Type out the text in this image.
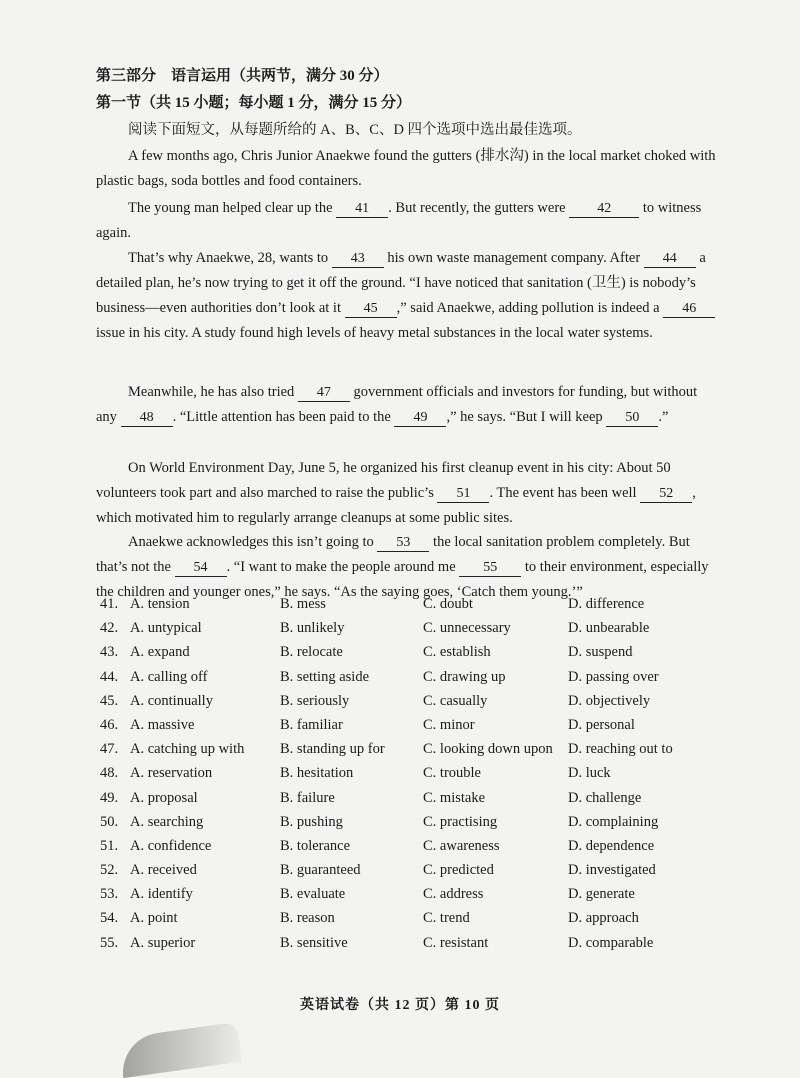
第三部分　语言运用（共两节，满分 30 分）
第一节（共 15 小题；每小题 1 分，满分 15 分）
阅读下面短文，从每题所给的 A、B、C、D 四个选项中选出最佳选项。
A few months ago, Chris Junior Anaekwe found the gutters (排水沟) in the local market choked with plastic bags, soda bottles and food containers.
The young man helped clear up the 41 . But recently, the gutters were 42 to witness again.
That’s why Anaekwe, 28, wants to 43 his own waste management company. After 44 a detailed plan, he’s now trying to get it off the ground. “I have noticed that sanitation (卫生) is nobody’s business—even authorities don’t look at it 45 ,” said Anaekwe, adding pollution is indeed a 46 issue in his city. A study found high levels of heavy metal substances in the local water systems.
Meanwhile, he has also tried 47 government officials and investors for funding, but without any 48 . “Little attention has been paid to the 49 ,” he says. “But I will keep 50 .”
On World Environment Day, June 5, he organized his first cleanup event in his city: About 50 volunteers took part and also marched to raise the public’s 51 . The event has been well 52 , which motivated him to regularly arrange cleanups at some public sites.
Anaekwe acknowledges this isn’t going to 53 the local sanitation problem completely. But that’s not the 54 . “I want to make the people around me 55 to their environment, especially the children and younger ones,” he says. “As the saying goes, ‘Catch them young.’”
41. A. tension	B. mess	C. doubt	D. difference
42. A. untypical	B. unlikely	C. unnecessary	D. unbearable
43. A. expand	B. relocate	C. establish	D. suspend
44. A. calling off	B. setting aside	C. drawing up	D. passing over
45. A. continually	B. seriously	C. casually	D. objectively
46. A. massive	B. familiar	C. minor	D. personal
47. A. catching up with B. standing up for	C. looking down upon D. reaching out to
48. A. reservation	B. hesitation	C. trouble	D. luck
49. A. proposal	B. failure	C. mistake	D. challenge
50. A. searching	B. pushing	C. practising	D. complaining
51. A. confidence	B. tolerance	C. awareness	D. dependence
52. A. received	B. guaranteed	C. predicted	D. investigated
53. A. identify	B. evaluate	C. address	D. generate
54. A. point	B. reason	C. trend	D. approach
55. A. superior	B. sensitive	C. resistant	D. comparable
英语试卷（共 12 页）第 10 页
